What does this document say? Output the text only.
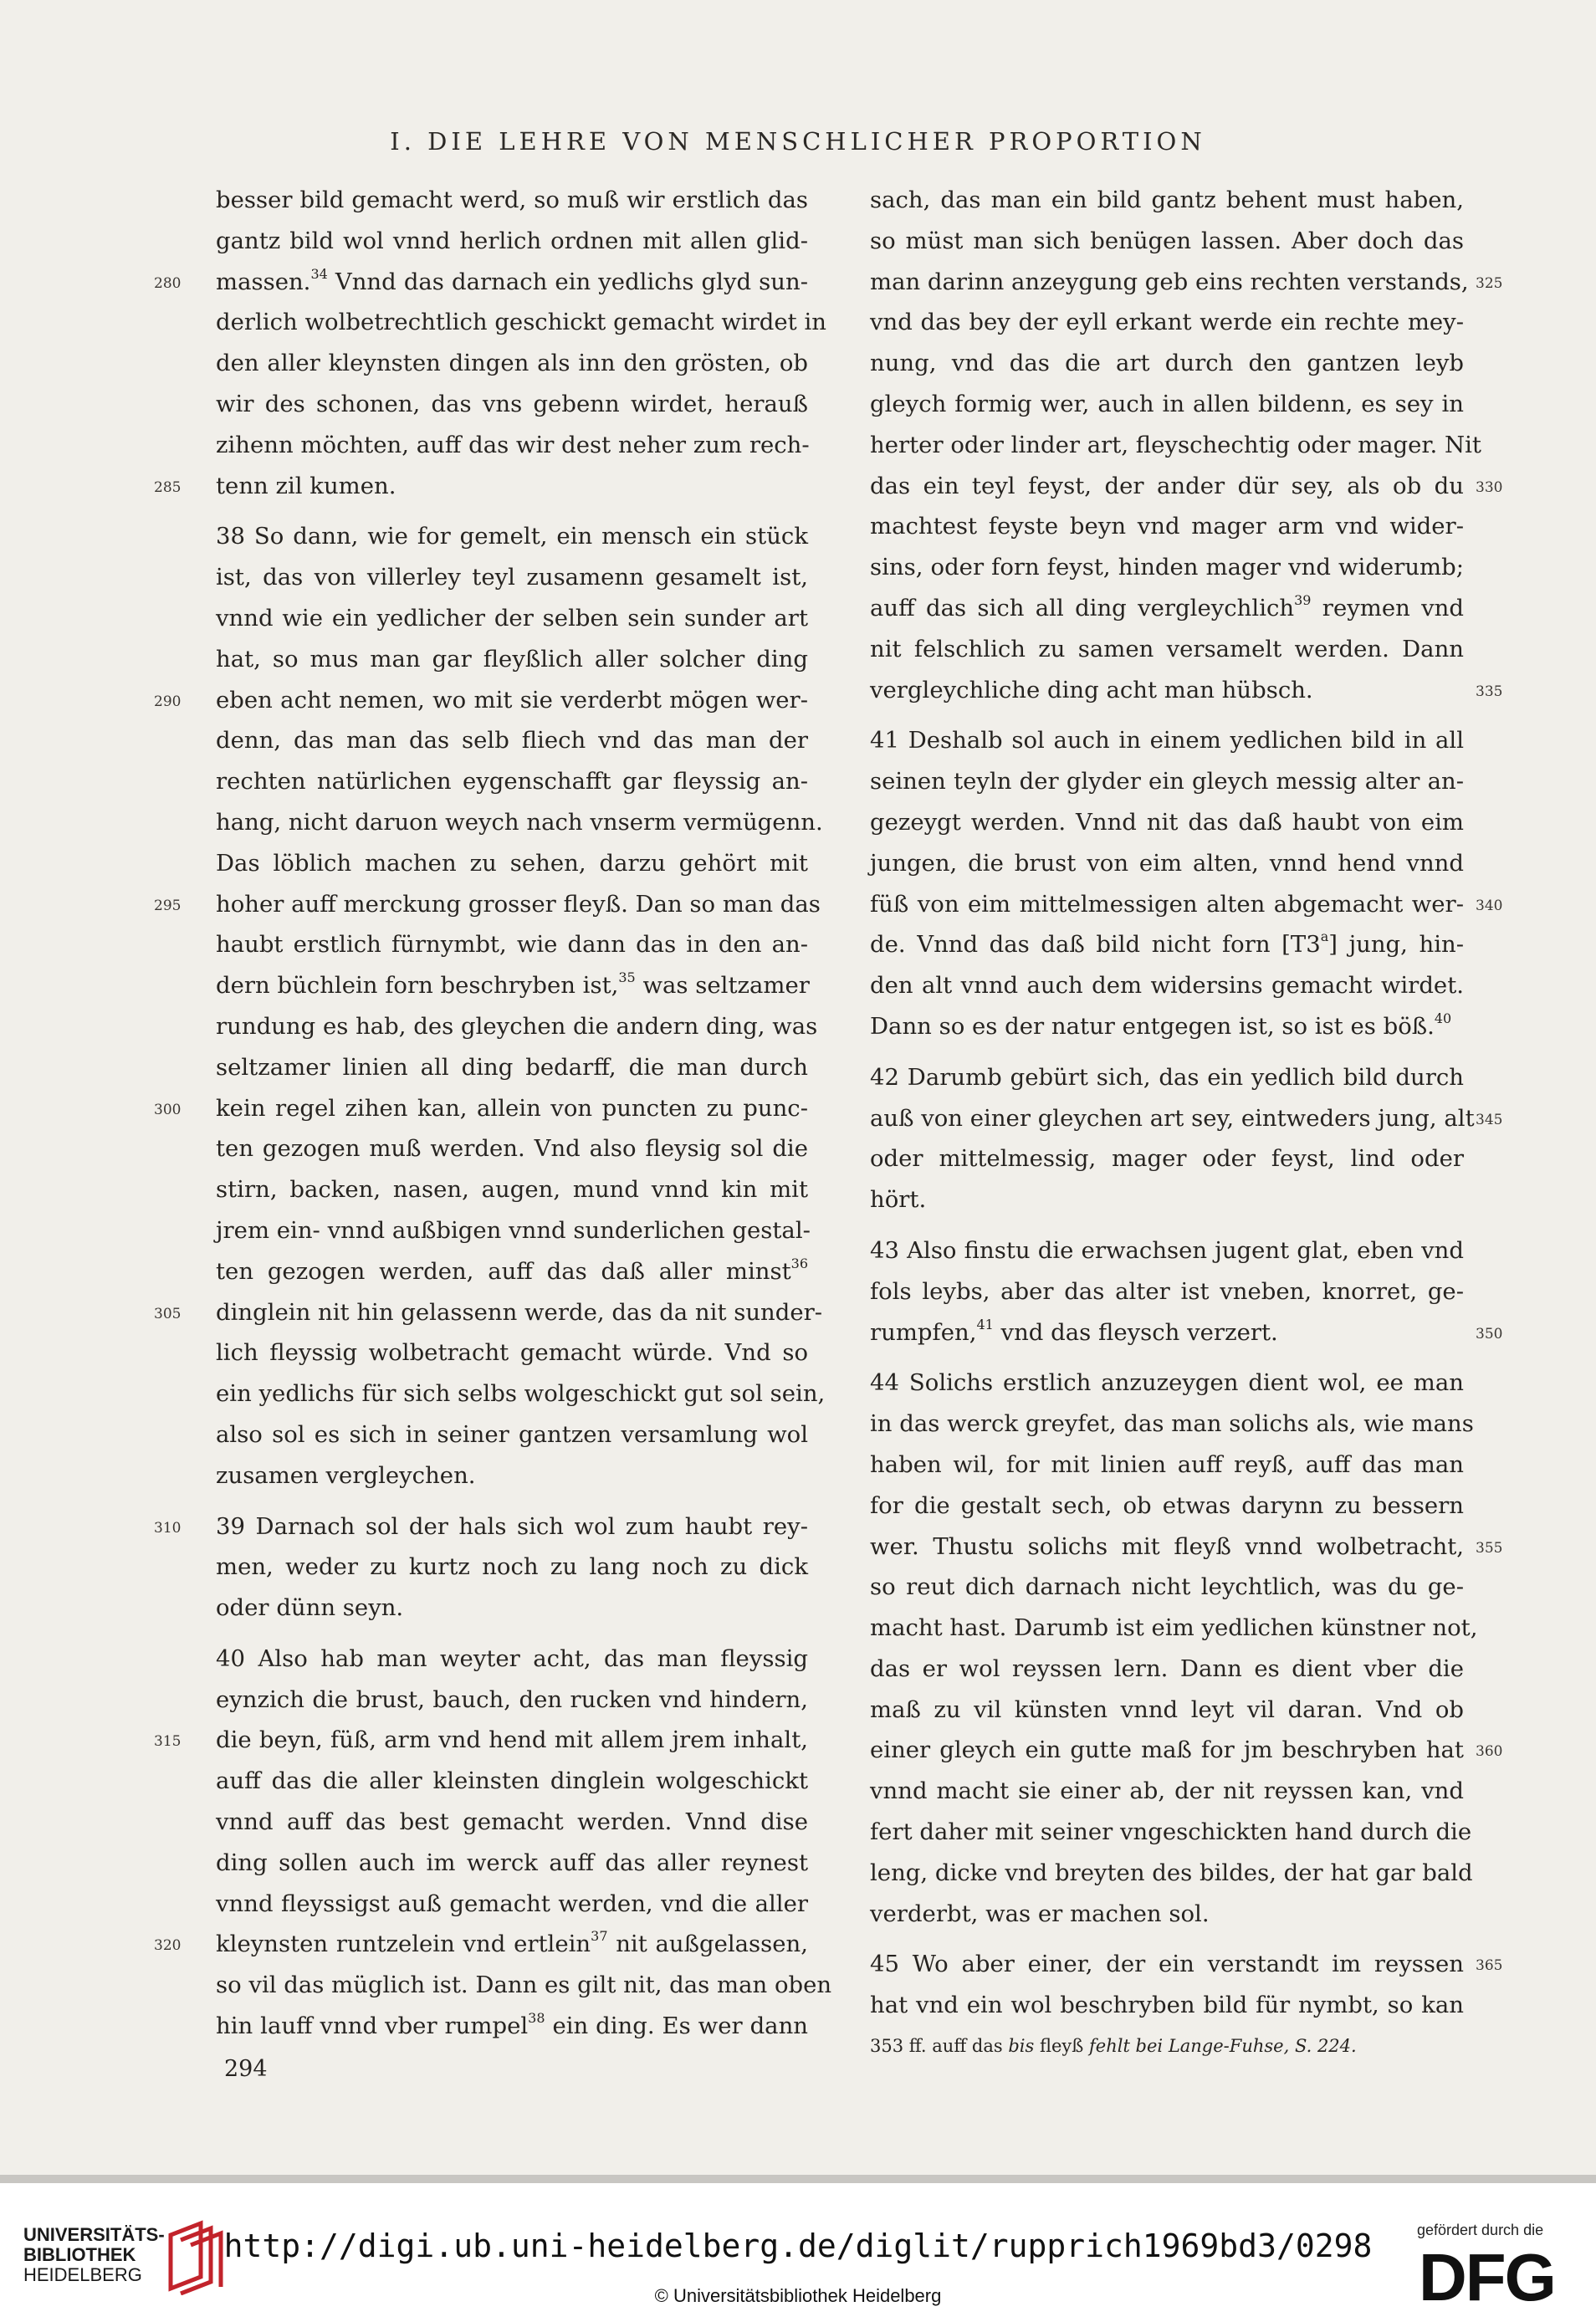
I. DIE LEHRE VON MENSCHLICHER PROPORTION
besser bild gemacht werd, so muß wir erstlich das
gantz bild wol vnnd herlich ordnen mit allen glid-
massen.$^{34}$ Vnnd das darnach ein yedlichs glyd sun-
280
derlich wolbetrechtlich geschickt gemacht wirdet in
den aller kleynsten dingen als inn den grösten, ob
wir des schonen, das vns gebenn wirdet, herauß
zihenn möchten, auff das wir dest neher zum rech-
tenn zil kumen.
285
38 So dann, wie for gemelt, ein mensch ein stück
ist, das von villerley teyl zusamenn gesamelt ist,
vnnd wie ein yedlicher der selben sein sunder art
hat, so mus man gar fleyßlich aller solcher ding
eben acht nemen, wo mit sie verderbt mögen wer-
290
denn, das man das selb fliech vnd das man der
rechten natürlichen eygenschafft gar fleyssig an-
hang, nicht daruon weych nach vnserm vermügenn.
Das löblich machen zu sehen, darzu gehört mit
hoher auff merckung grosser fleyß. Dan so man das
295
haubt erstlich fürnymbt, wie dann das in den an-
dern büchlein forn beschryben ist,$^{35}$ was seltzamer
rundung es hab, des gleychen die andern ding, was
seltzamer linien all ding bedarff, die man durch
kein regel zihen kan, allein von puncten zu punc-
300
ten gezogen muß werden. Vnd also fleysig sol die
stirn, backen, nasen, augen, mund vnnd kin mit
jrem ein- vnnd außbigen vnnd sunderlichen gestal-
ten gezogen werden, auff das daß aller minst$^{36}$
dinglein nit hin gelassenn werde, das da nit sunder-
305
lich fleyssig wolbetracht gemacht würde. Vnd so
ein yedlichs für sich selbs wolgeschickt gut sol sein,
also sol es sich in seiner gantzen versamlung wol
zusamen vergleychen.
39 Darnach sol der hals sich wol zum haubt rey-
310
men, weder zu kurtz noch zu lang noch zu dick
oder dünn seyn.
40 Also hab man weyter acht, das man fleyssig
eynzich die brust, bauch, den rucken vnd hindern,
die beyn, füß, arm vnd hend mit allem jrem inhalt,
315
auff das die aller kleinsten dinglein wolgeschickt
vnnd auff das best gemacht werden. Vnnd dise
ding sollen auch im werck auff das aller reynest
vnnd fleyssigst auß gemacht werden, vnd die aller
kleynsten runtzelein vnd ertlein$^{37}$ nit außgelassen,
320
so vil das müglich ist. Dann es gilt nit, das man oben
hin lauff vnnd vber rumpel$^{38}$ ein ding. Es wer dann
sach, das man ein bild gantz behent must haben,
so müst man sich benügen lassen. Aber doch das
man darinn anzeygung geb eins rechten verstands, 325
vnd das bey der eyll erkant werde ein rechte mey-
nung, vnd das die art durch den gantzen leyb
gleych formig wer, auch in allen bildenn, es sey in
herter oder linder art, fleyschechtig oder mager. Nit
das ein teyl feyst, der ander dür sey, als ob du 330
machtest feyste beyn vnd mager arm vnd wider-
sins, oder forn feyst, hinden mager vnd widerumb;
auff das sich all ding vergleychlich$^{39}$ reymen vnd
nit felschlich zu samen versamelt werden. Dann
vergleychliche ding acht man hübsch.	335
41 Deshalb sol auch in einem yedlichen bild in all
seinen teyln der glyder ein gleych messig alter an-
gezeygt werden. Vnnd nit das daß haubt von eim
jungen, die brust von eim alten, vnnd hend vnnd
füß von eim mittelmessigen alten abgemacht wer- 340
de. Vnnd das daß bild nicht forn [T3$^a$] jung, hin-
den alt vnnd auch dem widersins gemacht wirdet.
Dann so es der natur entgegen ist, so ist es böß.$^{40}$
42 Darumb gebürt sich, das ein yedlich bild durch
auß von einer gleychen art sey, eintweders jung, alt 345
oder mittelmessig, mager oder feyst, lind oder
hört.
43 Also finstu die erwachsen jugent glat, eben vnd
fols leybs, aber das alter ist vneben, knorret, ge-
rumpfen,$^{41}$ vnd das fleysch verzert.	350
44 Solichs erstlich anzuzeygen dient wol, ee man
in das werck greyfet, das man solichs als, wie mans
haben wil, for mit linien auff reyß, auff das man
for die gestalt sech, ob etwas darynn zu bessern
wer. Thustu solichs mit fleyß vnnd wolbetracht, 355
so reut dich darnach nicht leychtlich, was du ge-
macht hast. Darumb ist eim yedlichen künstner not,
das er wol reyssen lern. Dann es dient vber die
maß zu vil künsten vnnd leyt vil daran. Vnd ob
einer gleych ein gutte maß for jm beschryben hat 360
vnnd macht sie einer ab, der nit reyssen kan, vnd
fert daher mit seiner vngeschickten hand durch die
leng, dicke vnd breyten des bildes, der hat gar bald
verderbt, was er machen sol.
45 Wo aber einer, der ein verstandt im reyssen 365
hat vnd ein wol beschryben bild für nymbt, so kan
353 ff. auff das bis fleyß fehlt bei Lange-Fuhse, S. 224.
294
UNIVERSITÄTS-
BIBLIOTHEK
HEIDELBERG
http://digi.ub.uni-heidelberg.de/diglit/rupprich1969bd3/0298
© Universitätsbibliothek Heidelberg
gefördert durch die
DFG
